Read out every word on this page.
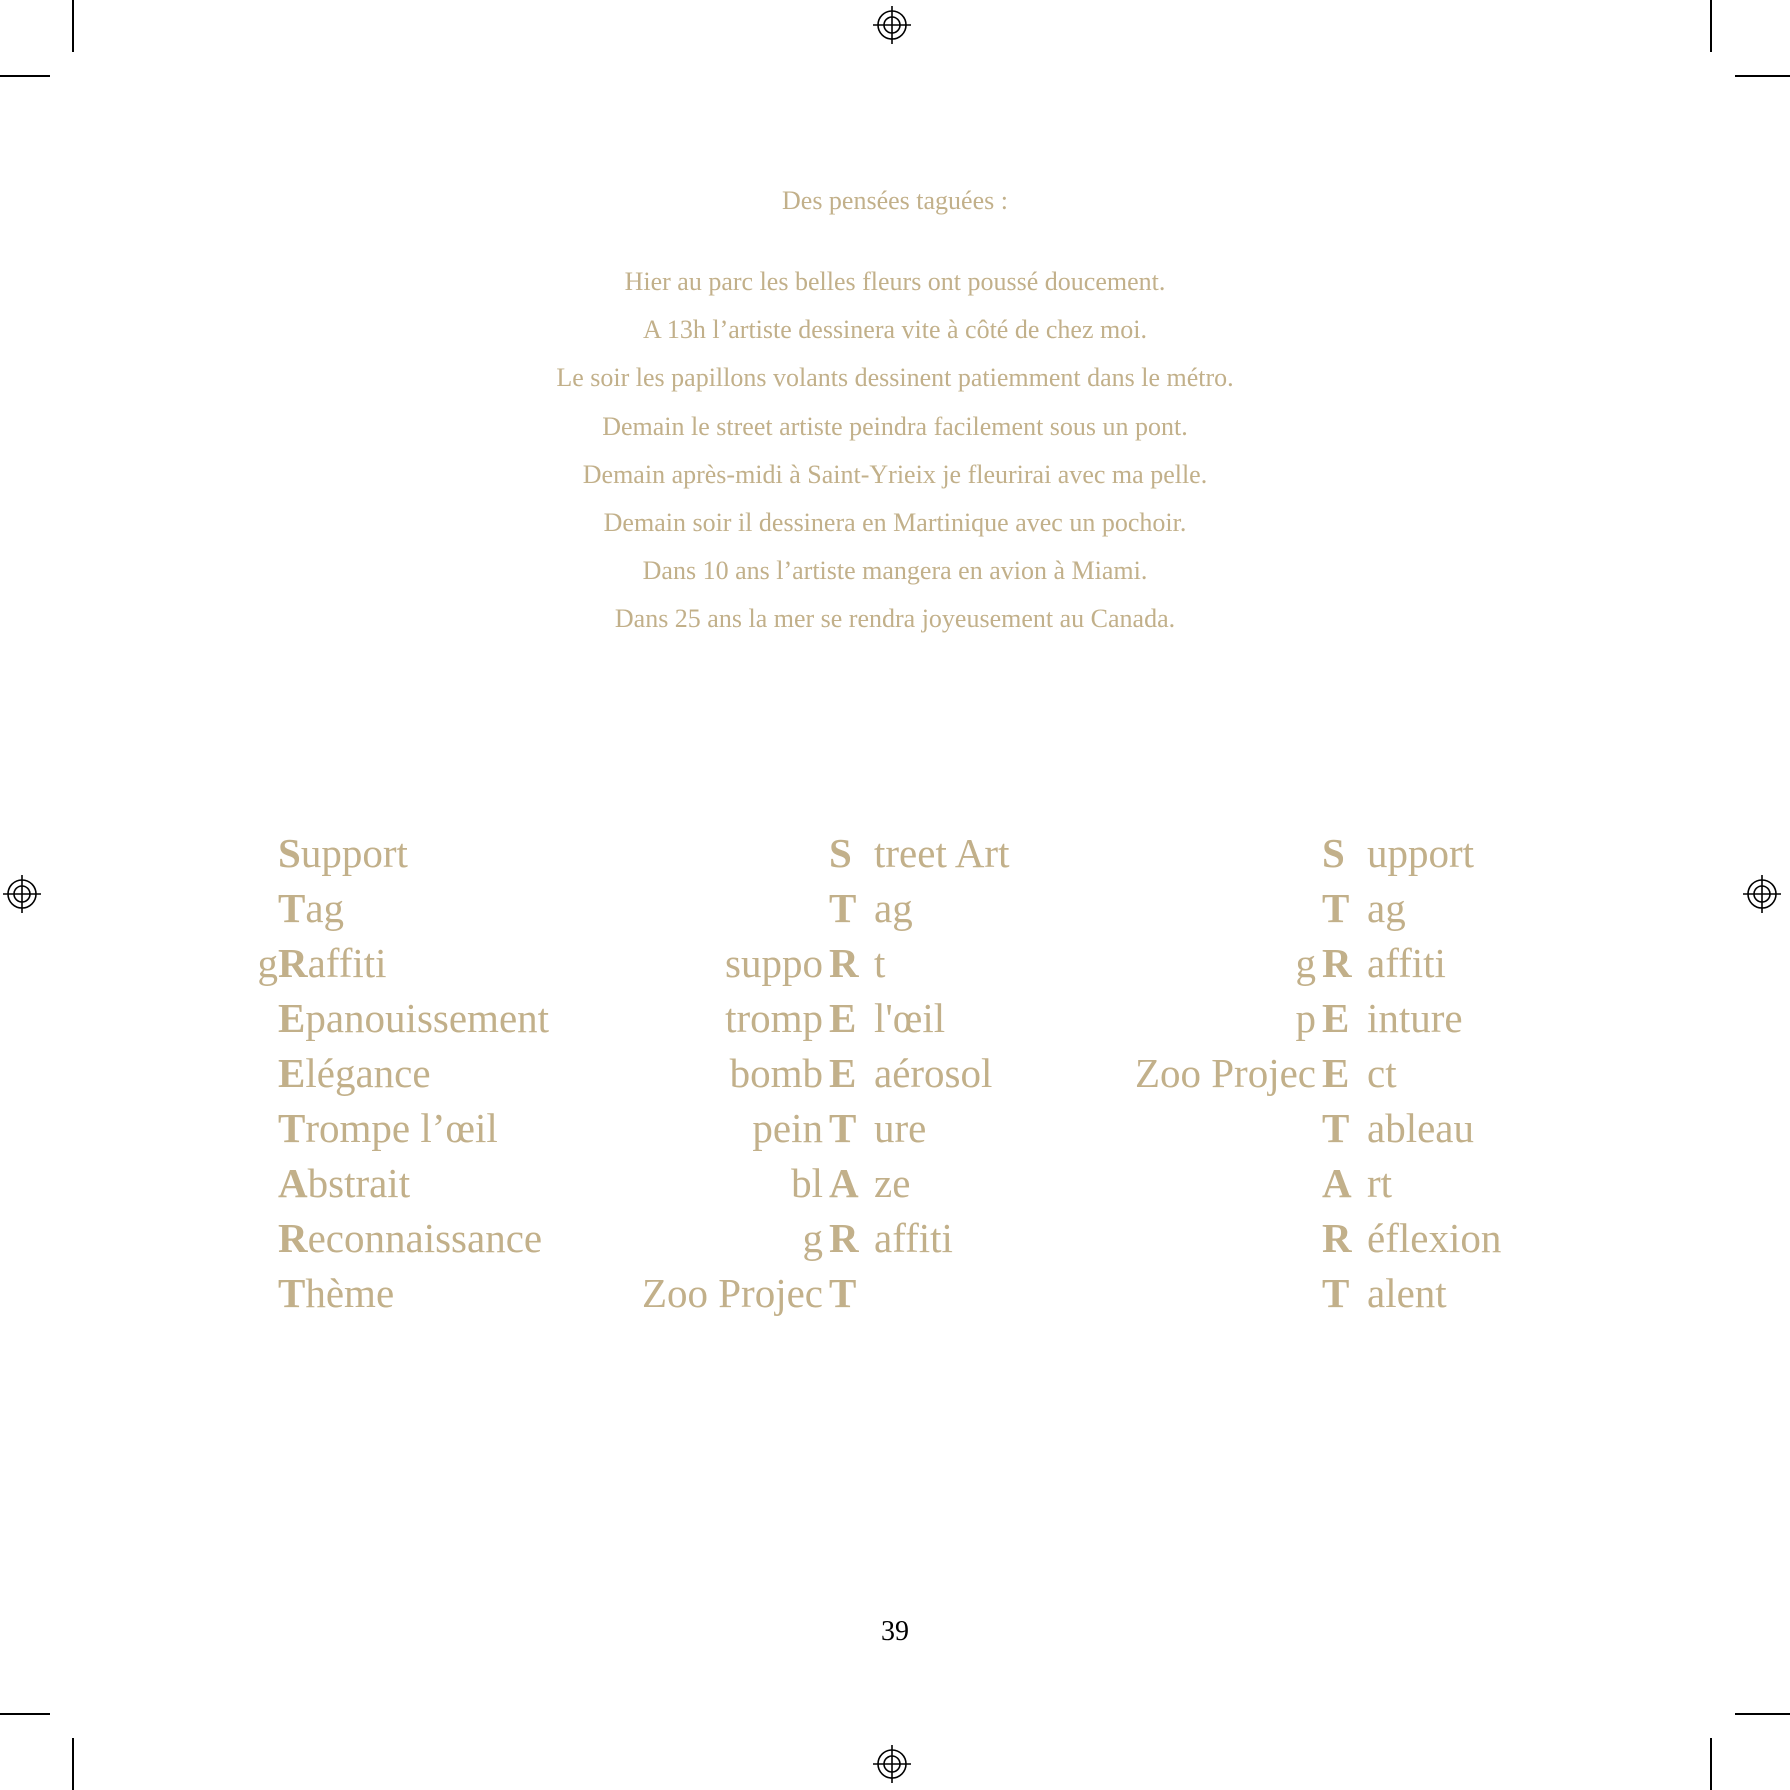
Des pensées taguées :
Hier au parc les belles fleurs ont poussé doucement.
A 13h l’artiste dessinera vite à côté de chez moi.
Le soir les papillons volants dessinent patiemment dans le métro.
Demain le street artiste peindra facilement sous un pont.
Demain après-midi à Saint-Yrieix je fleurirai avec ma pelle.
Demain soir il dessinera en Martinique avec un pochoir.
Dans 10 ans l’artiste mangera en avion à Miami.
Dans 25 ans la mer se rendra joyeusement au Canada.
S upport
T ag
g R affiti
E panouissement
E légance
T rompe l’œil
A bstrait
R econnaissance
T hème
S treet Art
T ag
suppo R t
tromp E l'œil
bomb E aérosol
pein T ure
bl A ze
g R affiti
Zoo Projec T
S upport
T ag
g R affiti
p E inture
Zoo Projec E ct
T ableau
A rt
R éflexion
T alent
39
